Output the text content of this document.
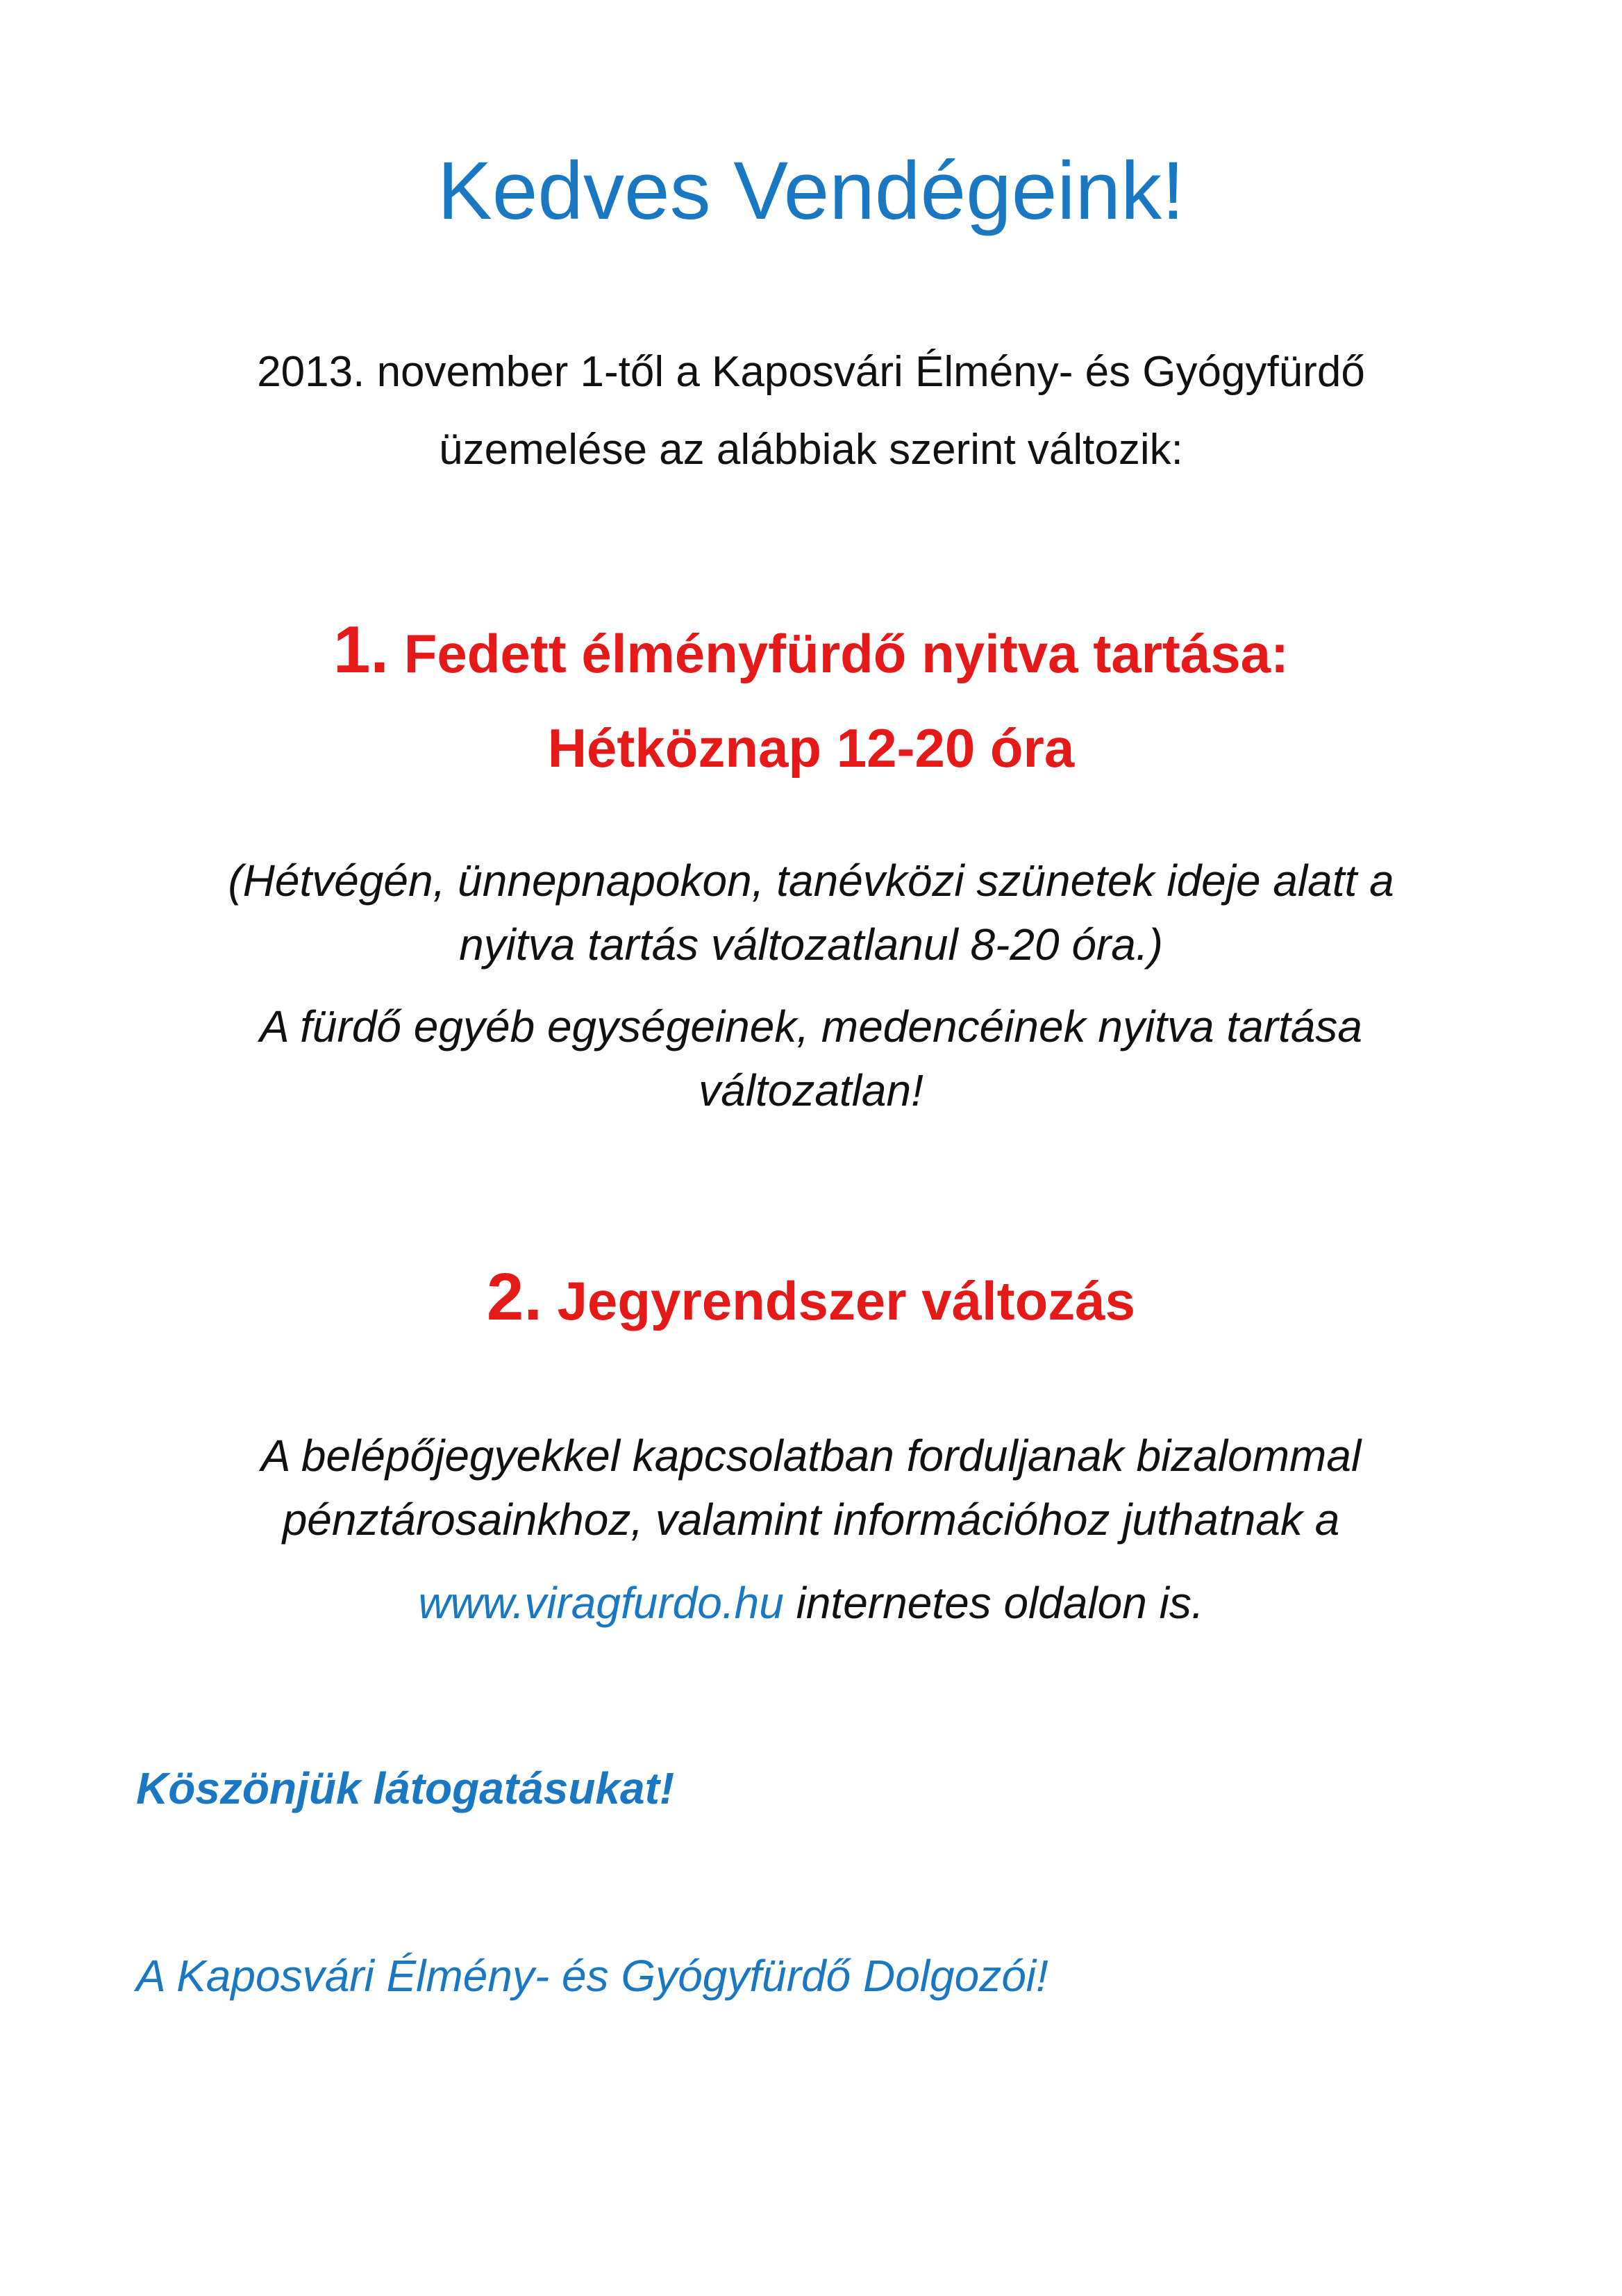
Kedves Vendégeink!
2013. november 1-től a Kaposvári Élmény- és Gyógyfürdő
üzemelése az alábbiak szerint változik:
1. Fedett élményfürdő nyitva tartása:
Hétköznap 12-20 óra
(Hétvégén, ünnepnapokon, tanévközi szünetek ideje alatt a
nyitva tartás változatlanul 8-20 óra.)
A fürdő egyéb egységeinek, medencéinek nyitva tartása
változatlan!
2. Jegyrendszer változás
A belépőjegyekkel kapcsolatban forduljanak bizalommal
pénztárosainkhoz, valamint információhoz juthatnak a
www.viragfurdo.hu internetes oldalon is.
Köszönjük látogatásukat!
A Kaposvári Élmény- és Gyógyfürdő Dolgozói!
